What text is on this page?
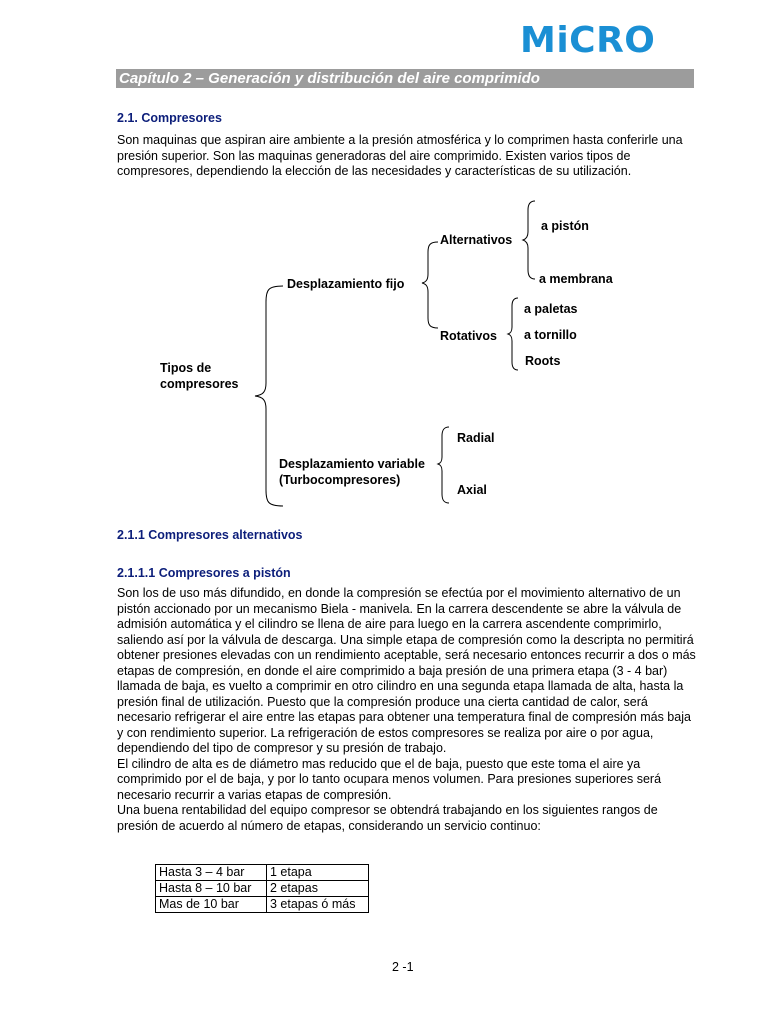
MiCRO
Capítulo 2 – Generación y distribución del aire comprimido
2.1. Compresores

Son maquinas que aspiran aire ambiente a la presión atmosférica y lo comprimen hasta conferirle una presión superior. Son las maquinas generadoras del aire comprimido. Existen varios tipos de compresores, dependiendo la elección de las necesidades y características de su utilización.

Tipos de compresores
Desplazamiento fijo
Alternativos
a pistón
a membrana
Rotativos
a paletas
a tornillo
Roots
Desplazamiento variable
(Turbocompresores)
Radial
Axial
2.1.1 Compresores alternativos
2.1.1.1 Compresores a pistón

Son los de uso más difundido, en donde la compresión se efectúa por el movimiento alternativo de un pistón accionado por un mecanismo Biela - manivela. En la carrera descendente se abre la válvula de admisión automática y el cilindro se llena de aire para luego en la carrera ascendente comprimirlo, saliendo así por la válvula de descarga. Una simple etapa de compresión como la descripta no permitirá obtener presiones elevadas con un rendimiento aceptable, será necesario entonces recurrir a dos o más etapas de compresión, en donde el aire comprimido a baja presión de una primera etapa (3 - 4 bar) llamada de baja, es vuelto a comprimir en otro cilindro en una segunda etapa llamada de alta, hasta la presión final de utilización. Puesto que la compresión produce una cierta cantidad de calor, será necesario refrigerar el aire entre las etapas para obtener una temperatura final de compresión más baja y con rendimiento superior. La refrigeración de estos compresores se realiza por aire o por agua, dependiendo del tipo de compresor y su presión de trabajo.

El cilindro de alta es de diámetro mas reducido que el de baja, puesto que este toma el aire ya comprimido por el de baja, y por lo tanto ocupara menos volumen. Para presiones superiores será necesario recurrir a varias etapas de compresión.

Una buena rentabilidad del equipo compresor se obtendrá trabajando en los siguientes rangos de presión de acuerdo al número de etapas, considerando un servicio continuo:

Hasta 3 – 4 bar	1 etapa
Hasta 8 – 10 bar	2 etapas
Mas de 10 bar	3 etapas ó más
2 -1
